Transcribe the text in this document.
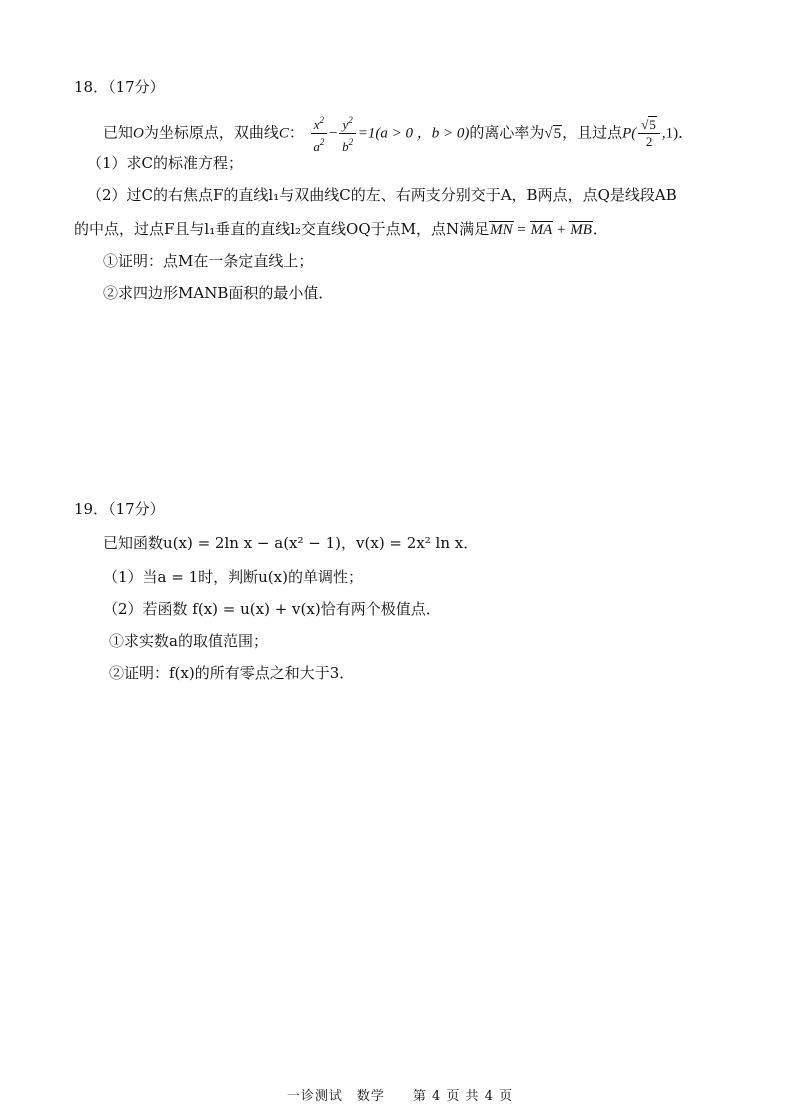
18．（17分）
已知O为坐标原点，双曲线C： $\frac{x^2}{a^2} - \frac{y^2}{b^2} =1(a > 0$ ，b > 0)的离心率为√5，且过点$P( \frac{√5}{2} ,1)$．
（1）求C的标准方程；
（2）过C的右焦点F的直线l₁与双曲线C的左、右两支分别交于A，B两点，点Q是线段AB
的中点，过点F且与l₁垂直的直线l₂交直线OQ于点M，点N满足MN = MA + MB．
①证明：点M在一条定直线上；
②求四边形MANB面积的最小值．
19．（17分）
已知函数u(x) = 2ln x − a(x² − 1)，v(x) = 2x² ln x．
（1）当a = 1时，判断u(x)的单调性；
（2）若函数 f(x) = u(x) + v(x)恰有两个极值点．
①求实数a的取值范围；
②证明：f(x)的所有零点之和大于3．
一诊测试　数学　　第 4 页 共 4 页
